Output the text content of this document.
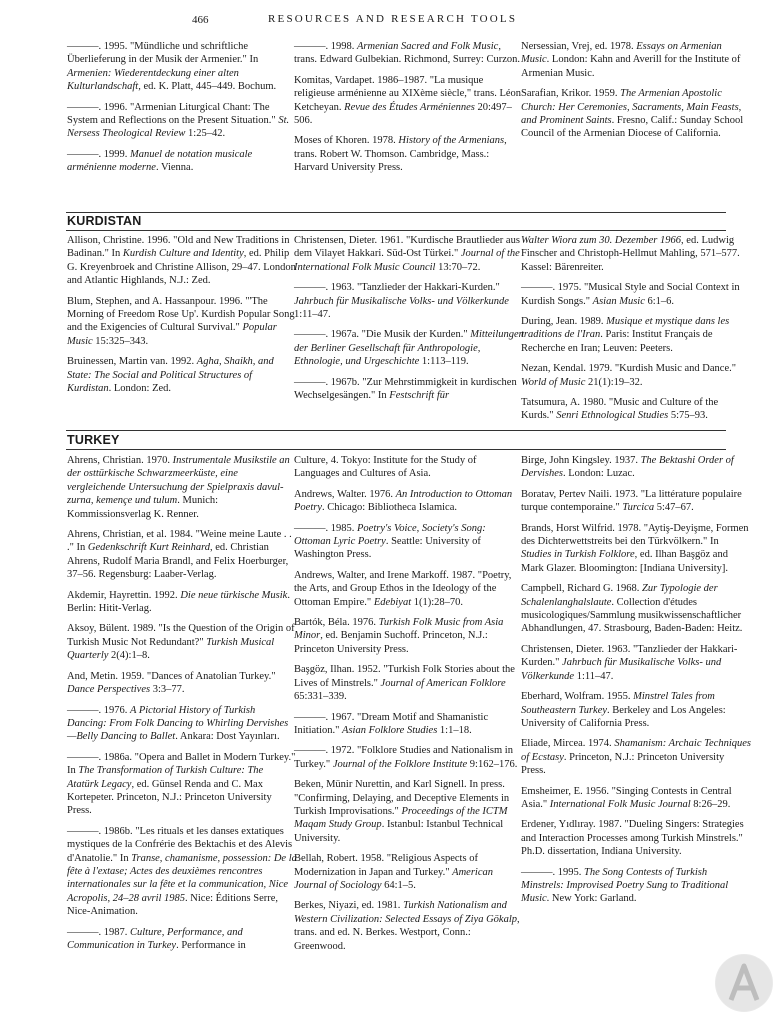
466	RESOURCES AND RESEARCH TOOLS

———. 1995. "Mündliche und schriftliche Überlieferung in der Musik der Armenier." In Armenien: Wiederentdeckung einer alten Kulturlandschaft, ed. K. Platt, 445–449. Bochum.

———. 1996. "Armenian Liturgical Chant: The System and Reflections on the Present Situation." St. Nersess Theological Review 1:25–42.

———. 1999. Manuel de notation musicale arménienne moderne. Vienna.

———. 1998. Armenian Sacred and Folk Music, trans. Edward Gulbekian. Richmond, Surrey: Curzon.

Komitas, Vardapet. 1986–1987. "La musique religieuse arménienne au XIXème siècle," trans. Léon Ketcheyan. Revue des Études Arméniennes 20:497–506.

Moses of Khoren. 1978. History of the Armenians, trans. Robert W. Thomson. Cambridge, Mass.: Harvard University Press.

Nersessian, Vrej, ed. 1978. Essays on Armenian Music. London: Kahn and Averill for the Institute of Armenian Music.

Sarafian, Krikor. 1959. The Armenian Apostolic Church: Her Ceremonies, Sacraments, Main Feasts, and Prominent Saints. Fresno, Calif.: Sunday School Council of the Armenian Diocese of California.

KURDISTAN

Allison, Christine. 1996. "Old and New Traditions in Badinan." In Kurdish Culture and Identity, ed. Philip G. Kreyenbroek and Christine Allison, 29–47. London and Atlantic Highlands, N.J.: Zed.

Blum, Stephen, and A. Hassanpour. 1996. "'The Morning of Freedom Rose Up'. Kurdish Popular Song and the Exigencies of Cultural Survival." Popular Music 15:325–343.

Bruinessen, Martin van. 1992. Agha, Shaikh, and State: The Social and Political Structures of Kurdistan. London: Zed.

Christensen, Dieter. 1961. "Kurdische Brautlieder aus dem Vilayet Hakkari. Süd-Ost Türkei." Journal of the International Folk Music Council 13:70–72.

———. 1963. "Tanzlieder der Hakkari-Kurden." Jahrbuch für Musikalische Volks- und Völkerkunde 1:11–47.

———. 1967a. "Die Musik der Kurden." Mitteilungen der Berliner Gesellschaft für Anthropologie, Ethnologie, und Urgeschichte 1:113–119.

———. 1967b. "Zur Mehrstimmigkeit in kurdischen Wechselgesängen." In Festschrift für

Walter Wiora zum 30. Dezember 1966, ed. Ludwig Finscher and Christoph-Hellmut Mahling, 571–577. Kassel: Bärenreiter.

———. 1975. "Musical Style and Social Context in Kurdish Songs." Asian Music 6:1–6.

During, Jean. 1989. Musique et mystique dans les traditions de l'Iran. Paris: Institut Français de Recherche en Iran; Leuven: Peeters.

Nezan, Kendal. 1979. "Kurdish Music and Dance." World of Music 21(1):19–32.

Tatsumura, A. 1980. "Music and Culture of the Kurds." Senri Ethnological Studies 5:75–93.

TURKEY

Ahrens, Christian. 1970. Instrumentale Musikstile an der osttürkische Schwarzmeerküste, eine vergleichende Untersuchung der Spielpraxis davul-zurna, kemençe und tulum. Munich: Kommissionsverlag K. Renner.

Ahrens, Christian, et al. 1984. "Weine meine Laute . . ." In Gedenkschrift Kurt Reinhard, ed. Christian Ahrens, Rudolf Maria Brandl, and Felix Hoerburger, 37–56. Regensburg: Laaber-Verlag.

Akdemir, Hayrettin. 1992. Die neue türkische Musik. Berlin: Hitit-Verlag.

Aksoy, Bülent. 1989. "Is the Question of the Origin of Turkish Music Not Redundant?" Turkish Musical Quarterly 2(4):1–8.

And, Metin. 1959. "Dances of Anatolian Turkey." Dance Perspectives 3:3–77.

———. 1976. A Pictorial History of Turkish Dancing: From Folk Dancing to Whirling Dervishes—Belly Dancing to Ballet. Ankara: Dost Yayınları.

———. 1986a. "Opera and Ballet in Modern Turkey." In The Transformation of Turkish Culture: The Atatürk Legacy, ed. Günsel Renda and C. Max Kortepeter. Princeton, N.J.: Princeton University Press.

———. 1986b. "Les rituals et les danses extatiques mystiques de la Confrérie des Bektachis et des Alevis d'Anatolie." In Transe, chamanisme, possession: De la fête à l'extase; Actes des deuxièmes rencontres internationales sur la fête et la communication, Nice Acropolis, 24–28 avril 1985. Nice: Éditions Serre, Nice-Animation.

———. 1987. Culture, Performance, and Communication in Turkey. Performance in

Culture, 4. Tokyo: Institute for the Study of Languages and Cultures of Asia.

Andrews, Walter. 1976. An Introduction to Ottoman Poetry. Chicago: Bibliotheca Islamica.

———. 1985. Poetry's Voice, Society's Song: Ottoman Lyric Poetry. Seattle: University of Washington Press.

Andrews, Walter, and Irene Markoff. 1987. "Poetry, the Arts, and Group Ethos in the Ideology of the Ottoman Empire." Edebiyat 1(1):28–70.

Bartók, Béla. 1976. Turkish Folk Music from Asia Minor, ed. Benjamin Suchoff. Princeton, N.J.: Princeton University Press.

Başgöz, Ilhan. 1952. "Turkish Folk Stories about the Lives of Minstrels." Journal of American Folklore 65:331–339.

———. 1967. "Dream Motif and Shamanistic Initiation." Asian Folklore Studies 1:1–18.

———. 1972. "Folklore Studies and Nationalism in Turkey." Journal of the Folklore Institute 9:162–176.

Beken, Münir Nurettin, and Karl Signell. In press. "Confirming, Delaying, and Deceptive Elements in Turkish Improvisations." Proceedings of the ICTM Maqam Study Group. Istanbul: Istanbul Technical University.

Bellah, Robert. 1958. "Religious Aspects of Modernization in Japan and Turkey." American Journal of Sociology 64:1–5.

Berkes, Niyazi, ed. 1981. Turkish Nationalism and Western Civilization: Selected Essays of Ziya Gökalp, trans. and ed. N. Berkes. Westport, Conn.: Greenwood.

Birge, John Kingsley. 1937. The Bektashi Order of Dervishes. London: Luzac.

Boratav, Pertev Naili. 1973. "La littérature populaire turque contemporaine." Turcica 5:47–67.

Brands, Horst Wilfrid. 1978. "Aytiş-Deyişme, Formen des Dichterwettstreits bei den Türkvölkern." In Studies in Turkish Folklore, ed. Ilhan Başgöz and Mark Glazer. Bloomington: [Indiana University].

Campbell, Richard G. 1968. Zur Typologie der Schalenlanghalslaute. Collection d'études musicologiques/Sammlung musikwissenschaftlicher Abhandlungen, 47. Strasbourg, Baden-Baden: Heitz.

Christensen, Dieter. 1963. "Tanzlieder der Hakkari-Kurden." Jahrbuch für Musikalische Volks- und Völkerkunde 1:11–47.

Eberhard, Wolfram. 1955. Minstrel Tales from Southeastern Turkey. Berkeley and Los Angeles: University of California Press.

Eliade, Mircea. 1974. Shamanism: Archaic Techniques of Ecstasy. Princeton, N.J.: Princeton University Press.

Emsheimer, E. 1956. "Singing Contests in Central Asia." International Folk Music Journal 8:26–29.

Erdener, Yıdlıray. 1987. "Dueling Singers: Strategies and Interaction Processes among Turkish Minstrels." Ph.D. dissertation, Indiana University.

———. 1995. The Song Contests of Turkish Minstrels: Improvised Poetry Sung to Traditional Music. New York: Garland.
